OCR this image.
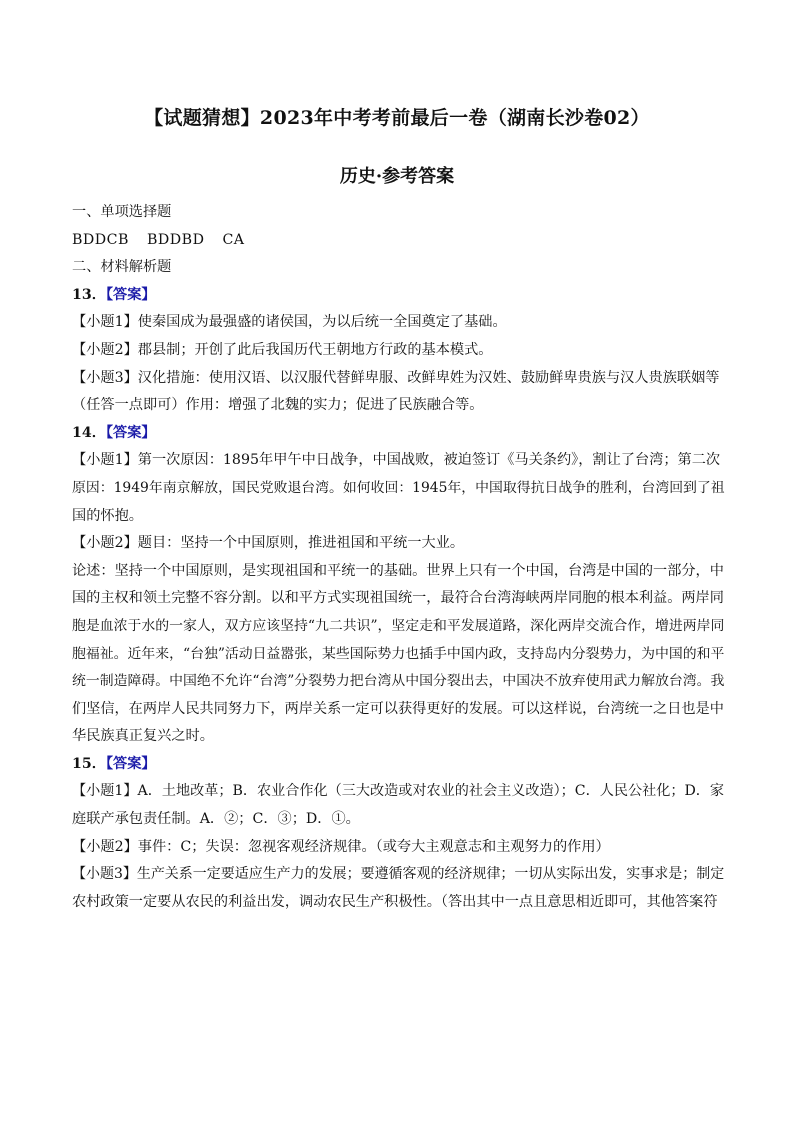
【试题猜想】2023年中考考前最后一卷（湖南长沙卷02）
历史·参考答案
一、单项选择题
BDDCB BDDBD CA
二、材料解析题
13．【答案】
【小题1】使秦国成为最强盛的诸侯国，为以后统一全国奠定了基础。
【小题2】郡县制；开创了此后我国历代王朝地方行政的基本模式。
【小题3】汉化措施：使用汉语、以汉服代替鲜卑服、改鲜卑姓为汉姓、鼓励鲜卑贵族与汉人贵族联姻等
（任答一点即可）作用：增强了北魏的实力；促进了民族融合等。
14．【答案】
【小题1】第一次原因：1895年甲午中日战争，中国战败，被迫签订《马关条约》，割让了台湾；第二次
原因：1949年南京解放，国民党败退台湾。如何收回：1945年，中国取得抗日战争的胜利，台湾回到了祖
国的怀抱。
【小题2】题目：坚持一个中国原则，推进祖国和平统一大业。
论述：坚持一个中国原则，是实现祖国和平统一的基础。世界上只有一个中国，台湾是中国的一部分，中
国的主权和领土完整不容分割。以和平方式实现祖国统一，最符合台湾海峡两岸同胞的根本利益。两岸同
胞是血浓于水的一家人，双方应该坚持“九二共识”，坚定走和平发展道路，深化两岸交流合作，增进两岸同
胞福祉。近年来，“台独”活动日益嚣张，某些国际势力也插手中国内政，支持岛内分裂势力，为中国的和平
统一制造障碍。中国绝不允许“台湾”分裂势力把台湾从中国分裂出去，中国决不放弃使用武力解放台湾。我
们坚信，在两岸人民共同努力下，两岸关系一定可以获得更好的发展。可以这样说，台湾统一之日也是中
华民族真正复兴之时。
15．【答案】
【小题1】A．土地改革；B．农业合作化（三大改造或对农业的社会主义改造）；C．人民公社化；D．家
庭联产承包责任制。A．②；C．③；D．①。
【小题2】事件：C；失误：忽视客观经济规律。（或夸大主观意志和主观努力的作用）
【小题3】生产关系一定要适应生产力的发展；要遵循客观的经济规律；一切从实际出发，实事求是；制定
农村政策一定要从农民的利益出发，调动农民生产积极性。（答出其中一点且意思相近即可，其他答案符
